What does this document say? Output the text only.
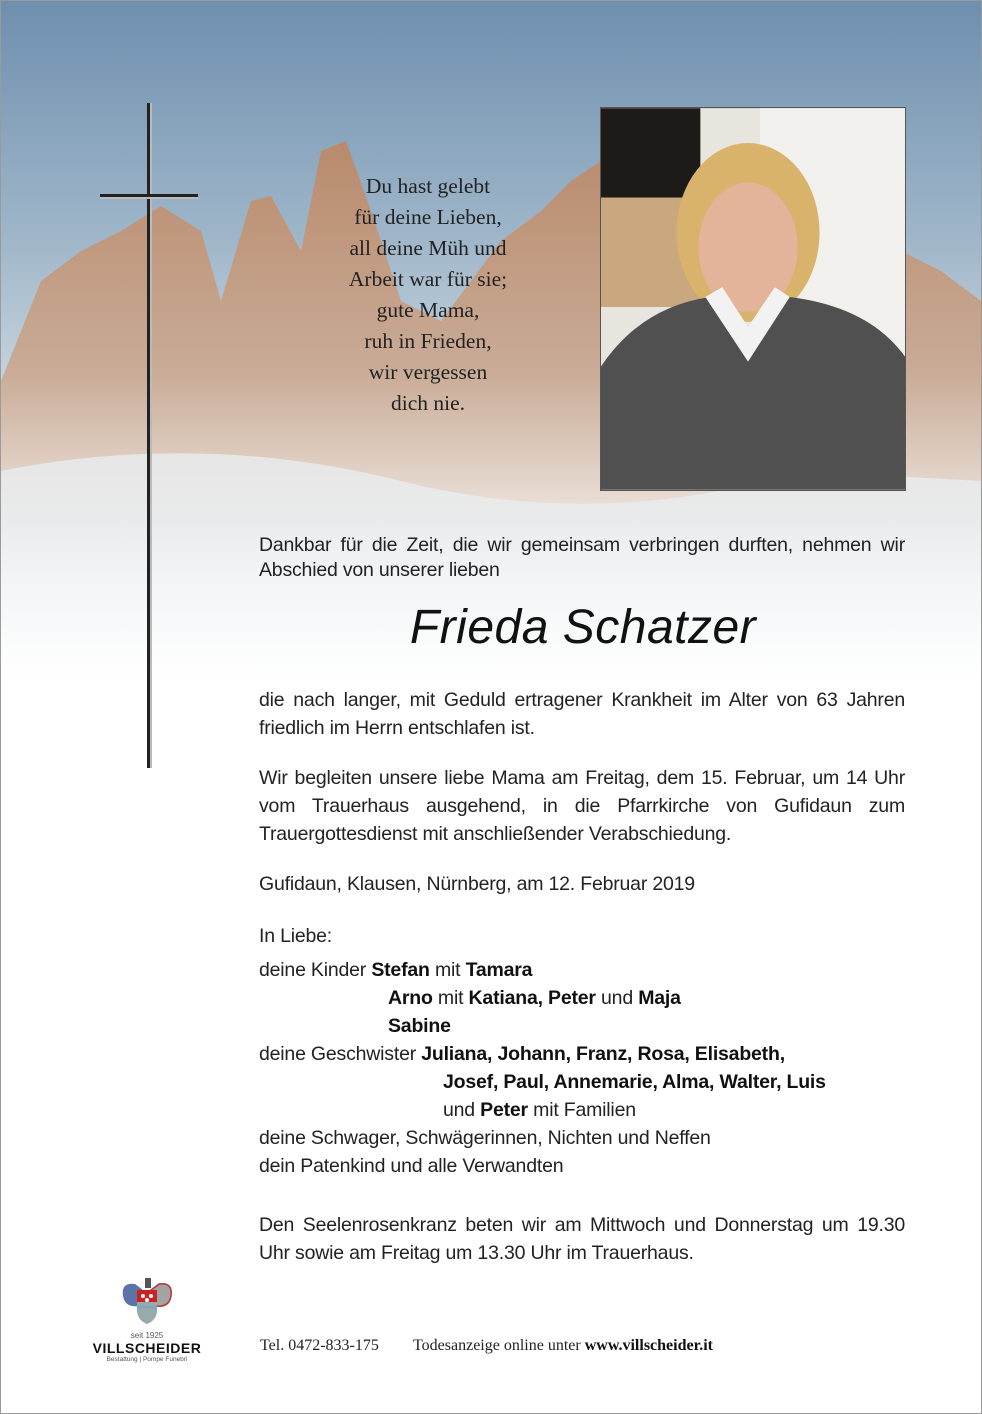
Du hast gelebt
für deine Lieben,
all deine Müh und
Arbeit war für sie;
gute Mama,
ruh in Frieden,
wir vergessen
dich nie.
Dankbar für die Zeit, die wir gemeinsam verbringen durften, nehmen wir Abschied von unserer lieben
Frieda Schatzer
die nach langer, mit Geduld ertragener Krankheit im Alter von 63 Jahren friedlich im Herrn entschlafen ist.
Wir begleiten unsere liebe Mama am Freitag, dem 15. Februar, um 14 Uhr vom Trauerhaus ausgehend, in die Pfarrkirche von Gufidaun zum Trauergottesdienst mit anschließender Verabschiedung.
Gufidaun, Klausen, Nürnberg, am 12. Februar 2019
In Liebe:
deine Kinder Stefan mit Tamara
Arno mit Katiana, Peter und Maja
Sabine
deine Geschwister Juliana, Johann, Franz, Rosa, Elisabeth,
Josef, Paul, Annemarie, Alma, Walter, Luis
und Peter mit Familien
deine Schwager, Schwägerinnen, Nichten und Neffen
dein Patenkind und alle Verwandten
Den Seelenrosenkranz beten wir am Mittwoch und Donnerstag um 19.30 Uhr sowie am Freitag um 13.30 Uhr im Trauerhaus.
seit 1925
VILLSCHEIDER
Bestattung | Pompe Funebri
Tel. 0472-833-175 Todesanzeige online unter www.villscheider.it
